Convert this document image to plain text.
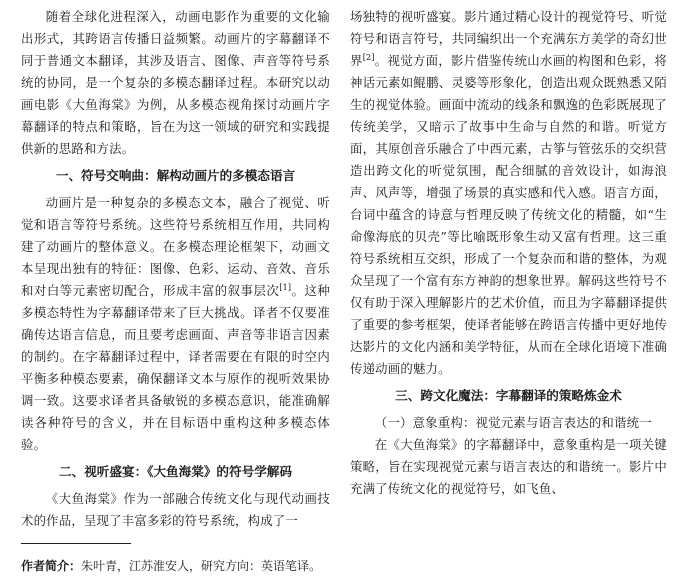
随着全球化进程深入，动画电影作为重要的文化输出形式，其跨语言传播日益频繁。动画片的字幕翻译不同于普通文本翻译，其涉及语言、图像、声音等符号系统的协同，是一个复杂的多模态翻译过程。本研究以动画电影《大鱼海棠》为例，从多模态视角探讨动画片字幕翻译的特点和策略，旨在为这一领域的研究和实践提供新的思路和方法。

一、符号交响曲：解构动画片的多模态语言

动画片是一种复杂的多模态文本，融合了视觉、听觉和语言等符号系统。这些符号系统相互作用，共同构建了动画片的整体意义。在多模态理论框架下，动画文本呈现出独有的特征：图像、色彩、运动、音效、音乐和对白等元素密切配合，形成丰富的叙事层次[1]。这种多模态特性为字幕翻译带来了巨大挑战。译者不仅要准确传达语言信息，而且要考虑画面、声音等非语言因素的制约。在字幕翻译过程中，译者需要在有限的时空内平衡多种模态要素，确保翻译文本与原作的视听效果协调一致。这要求译者具备敏锐的多模态意识，能准确解读各种符号的含义，并在目标语中重构这种多模态体验。

二、视听盛宴：《大鱼海棠》的符号学解码

《大鱼海棠》作为一部融合传统文化与现代动画技术的作品，呈现了丰富多彩的符号系统，构成了一

场独特的视听盛宴。影片通过精心设计的视觉符号、听觉符号和语言符号，共同编织出一个充满东方美学的奇幻世界[2]。视觉方面，影片借鉴传统山水画的构图和色彩，将神话元素如鲲鹏、灵婆等形象化，创造出观众既熟悉又陌生的视觉体验。画面中流动的线条和飘逸的色彩既展现了传统美学，又暗示了故事中生命与自然的和谐。听觉方面，其原创音乐融合了中西元素，古筝与管弦乐的交织营造出跨文化的听觉氛围，配合细腻的音效设计，如海浪声、风声等，增强了场景的真实感和代入感。语言方面，台词中蕴含的诗意与哲理反映了传统文化的精髓，如“生命像海底的贝壳”等比喻既形象生动又富有哲理。这三重符号系统相互交织，形成了一个复杂而和谐的整体，为观众呈现了一个富有东方神韵的想象世界。解码这些符号不仅有助于深入理解影片的艺术价值，而且为字幕翻译提供了重要的参考框架，使译者能够在跨语言传播中更好地传达影片的文化内涵和美学特征，从而在全球化语境下准确传递动画的魅力。

三、跨文化魔法：字幕翻译的策略炼金术

（一）意象重构：视觉元素与语言表达的和谐统一

在《大鱼海棠》的字幕翻译中，意象重构是一项关键策略，旨在实现视觉元素与语言表达的和谐统一。影片中充满了传统文化的视觉符号，如飞鱼、

作者简介：朱叶青，江苏淮安人，研究方向：英语笔译。
